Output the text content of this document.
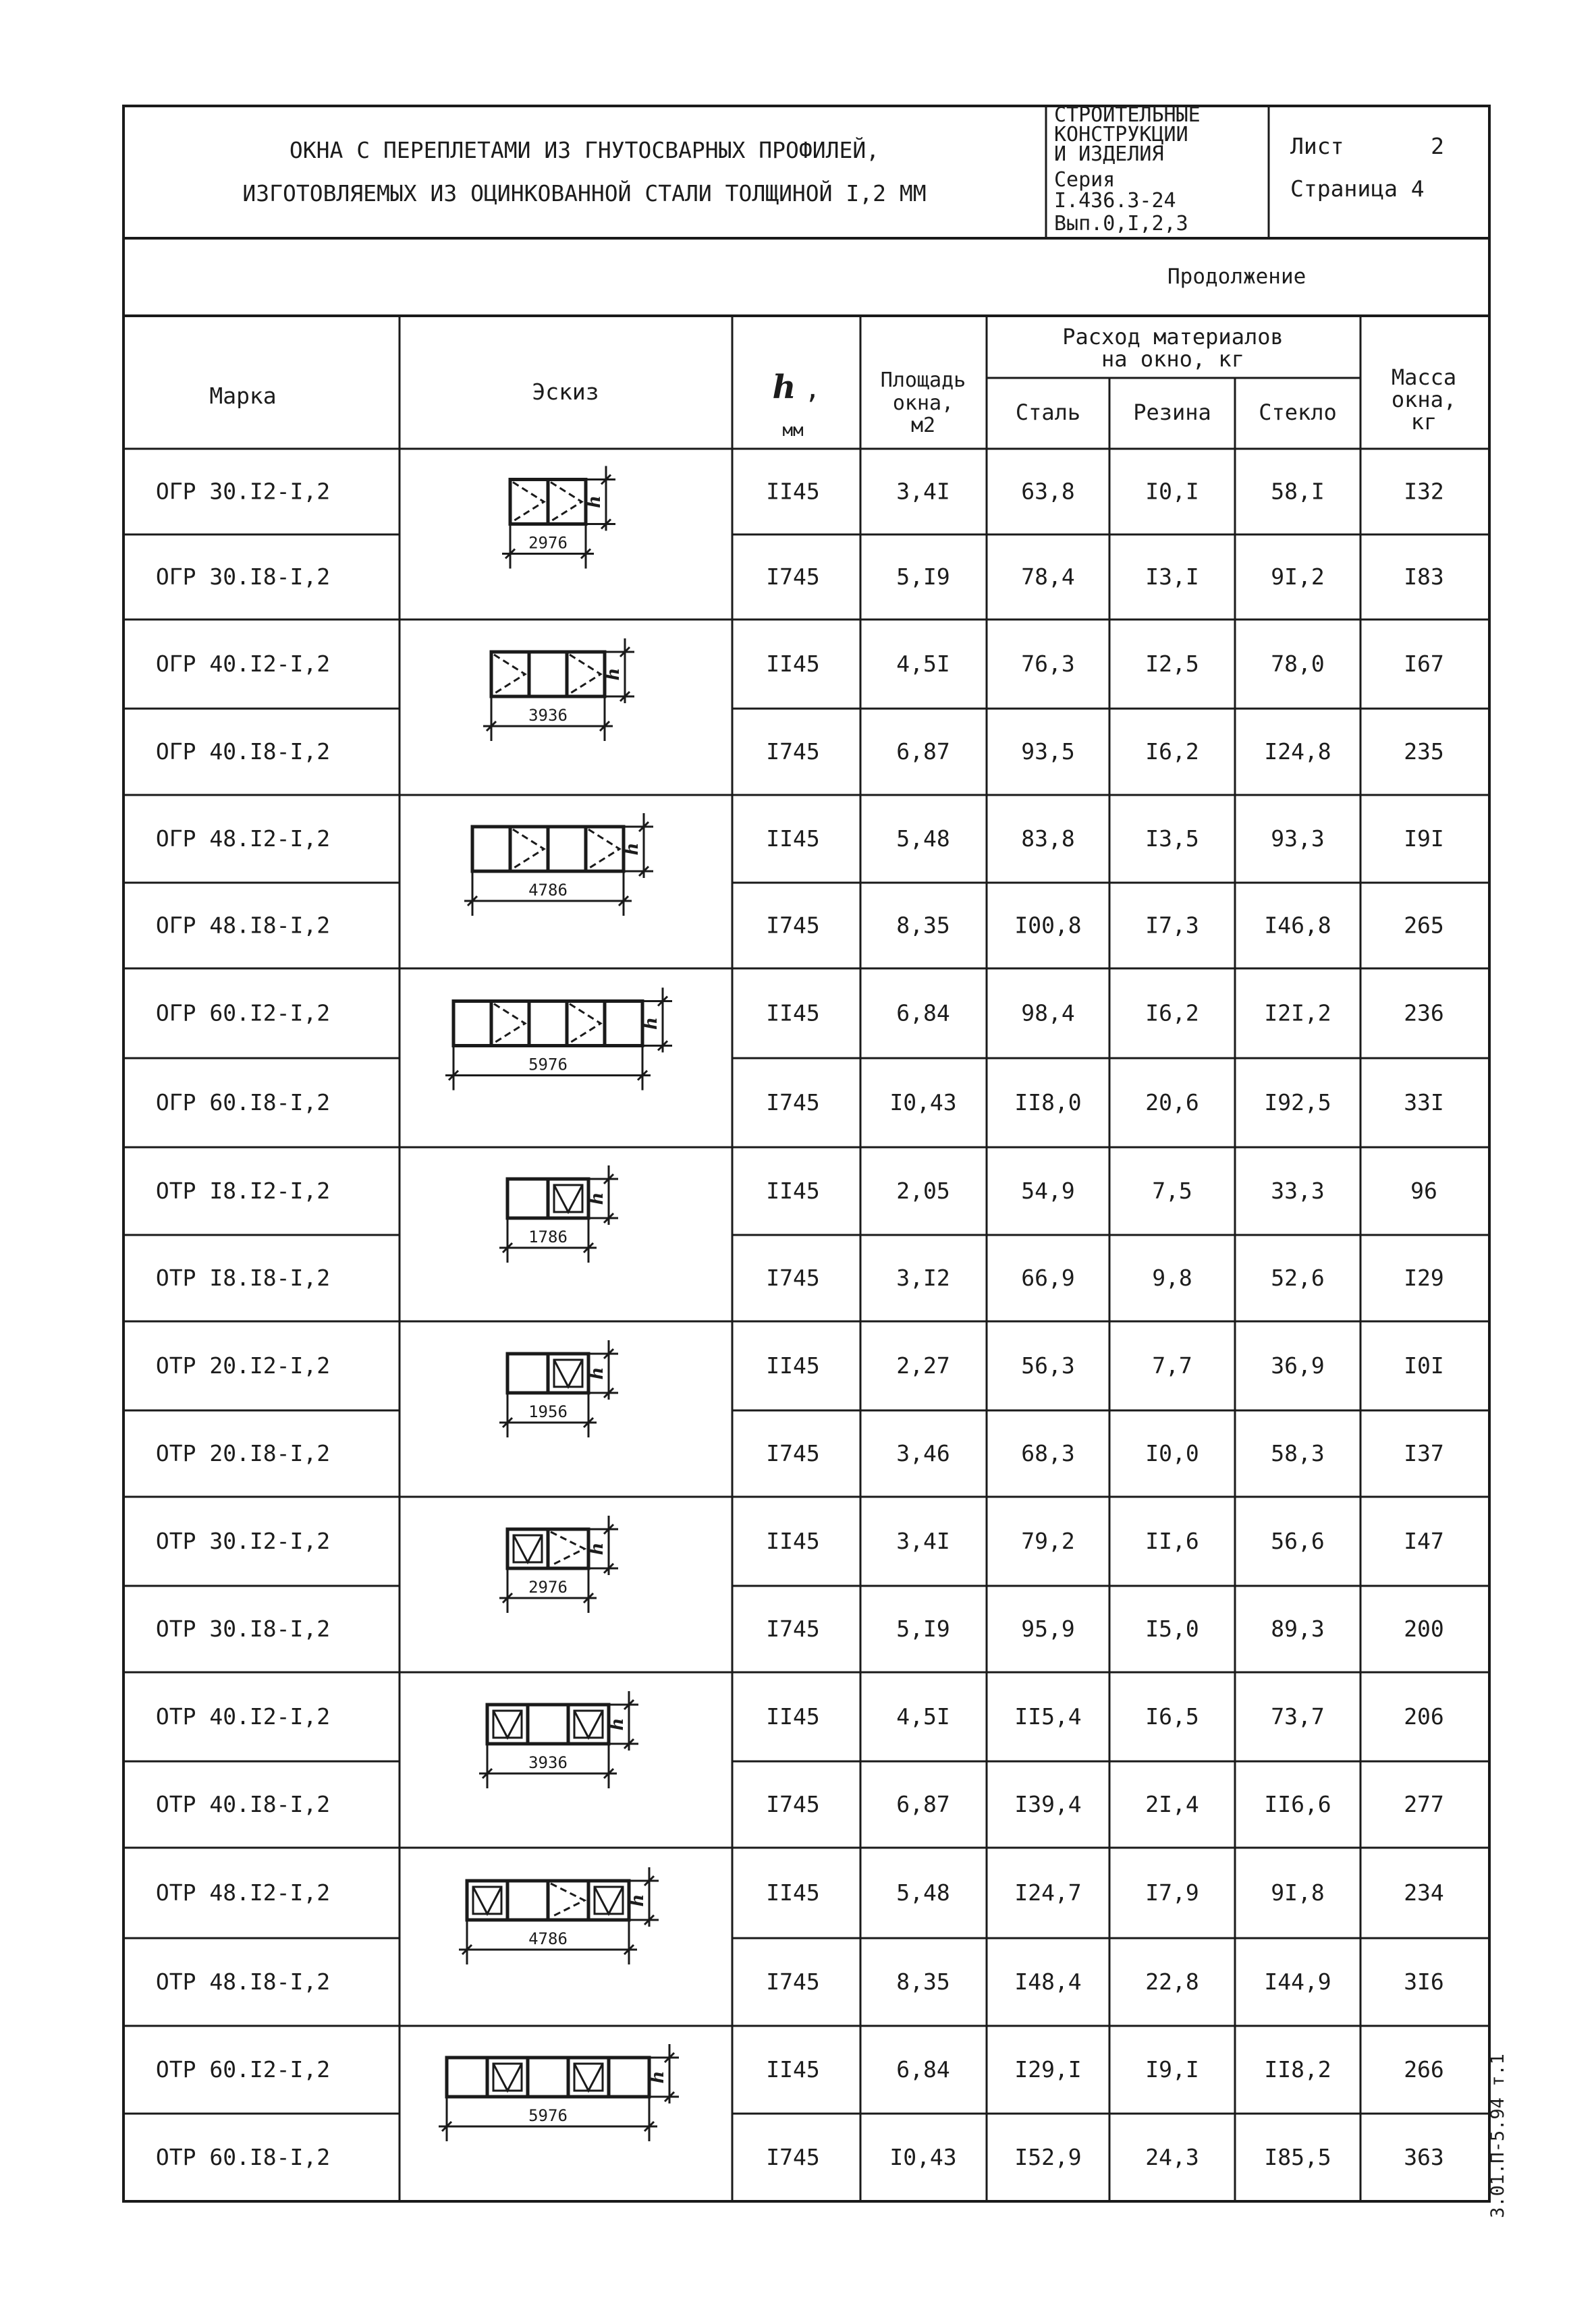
ОКНА С ПЕРЕПЛЕТАМИ ИЗ ГНУТОСВАРНЫХ ПРОФИЛЕЙ,
ИЗГОТОВЛЯЕМЫХ ИЗ ОЦИНКОВАННОЙ СТАЛИ ТОЛЩИНОЙ I,2 ММ
СТРОИТЕЛЬНЫЕ
КОНСТРУКЦИИ
И ИЗДЕЛИЯ
Серия
I.436.3-24
Вып.0,I,2,3
Лист	2
Страница 4
Продолжение
Марка	Эскиз	h ,
мм
Площадь
окна,
м2
Расход материалов
на окно, кг
Сталь Резина Стекло
Масса
окна,
кг
ОГР 30.I2-I,2	II45	3,4I	63,8	I0,I	58,I	I32
ОГР 30.I8-I,2	I745	5,I9	78,4	I3,I	9I,2	I83
ОГР 40.I2-I,2	II45	4,5I	76,3	I2,5	78,0	I67
ОГР 40.I8-I,2	I745	6,87	93,5	I6,2	I24,8	235
ОГР 48.I2-I,2	II45	5,48	83,8	I3,5	93,3	I9I
ОГР 48.I8-I,2	I745	8,35	I00,8	I7,3	I46,8	265
ОГР 60.I2-I,2	II45	6,84	98,4	I6,2	I2I,2	236
ОГР 60.I8-I,2	I745	I0,43	II8,0	20,6	I92,5	33I
ОТР I8.I2-I,2	II45	2,05	54,9	7,5	33,3	96
ОТР I8.I8-I,2	I745	3,I2	66,9	9,8	52,6	I29
ОТР 20.I2-I,2	II45	2,27	56,3	7,7	36,9	I0I
ОТР 20.I8-I,2	I745	3,46	68,3	I0,0	58,3	I37
ОТР 30.I2-I,2	II45	3,4I	79,2	II,6	56,6	I47
ОТР 30.I8-I,2	I745	5,I9	95,9	I5,0	89,3	200
ОТР 40.I2-I,2	II45	4,5I	II5,4	I6,5	73,7	206
ОТР 40.I8-I,2	I745	6,87	I39,4	2I,4	II6,6	277
ОТР 48.I2-I,2	II45	5,48	I24,7	I7,9	9I,8	234
ОТР 48.I8-I,2	I745	8,35	I48,4	22,8	I44,9	3I6
ОТР 60.I2-I,2	II45	6,84	I29,I	I9,I	II8,2	266
ОТР 60.I8-I,2	I745	I0,43	I52,9	24,3	I85,5	363
h
2976
h
3936
h
4786
h
5976
h
1786
h
1956
h
2976
h
3936
h
4786
h
5976	3.01.П-5.94 т.1
